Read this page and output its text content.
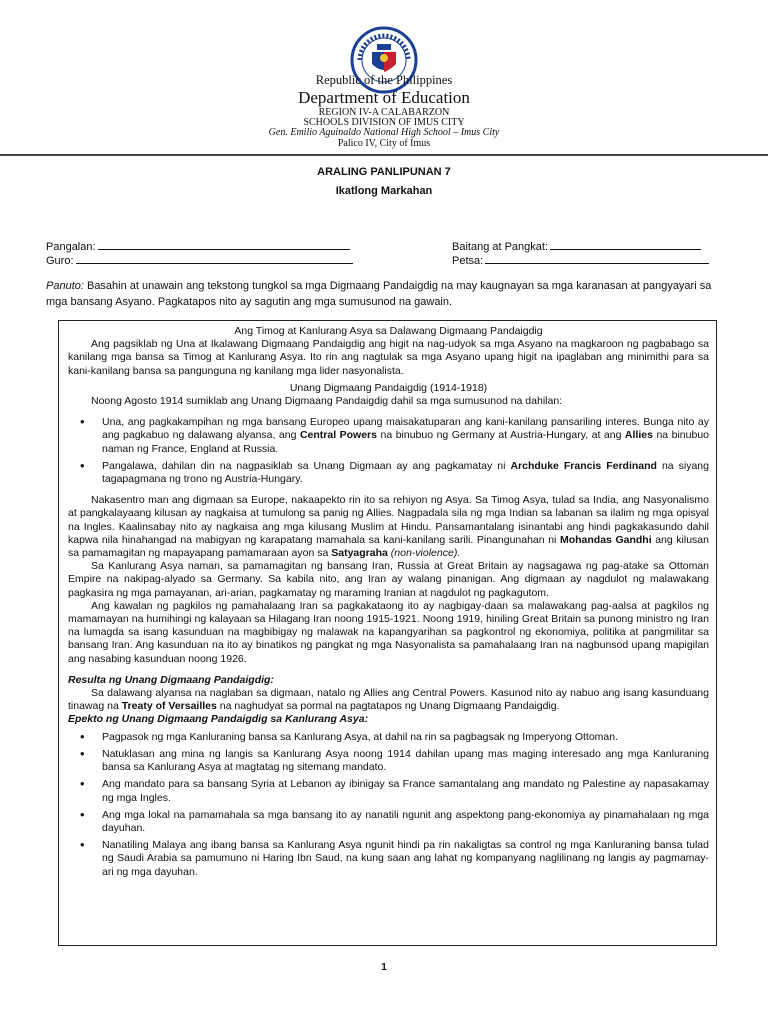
Republic of the Philippines
Department of Education
REGION IV-A CALABARZON
SCHOOLS DIVISION OF IMUS CITY
Gen. Emilio Aguinaldo National High School – Imus City
Palico IV, City of Imus
ARALING PANLIPUNAN 7
Ikatlong Markahan
Pangalan:
Guro:
Baitang at Pangkat:
Petsa:

Panuto: Basahin at unawain ang tekstong tungkol sa mga Digmaang Pandaigdig na may kaugnayan sa mga karanasan at pangyayari sa mga bansang Asyano. Pagkatapos nito ay sagutin ang mga sumusunod na gawain.

Ang Timog at Kanlurang Asya sa Dalawang Digmaang Pandaigdig

Ang pagsiklab ng Una at Ikalawang Digmaang Pandaigdig ang higit na nag-udyok sa mga Asyano na magkaroon ng pagbabago sa kanilang mga bansa sa Timog at Kanlurang Asya. Ito rin ang nagtulak sa mga Asyano upang higit na ipaglaban ang minimithi para sa kani-kanilang bansa sa pangunguna ng kanilang mga lider nasyonalista.

Unang Digmaang Pandaigdig (1914-1918)

Noong Agosto 1914 sumiklab ang Unang Digmaang Pandaigdig dahil sa mga sumusunod na dahilan:

• Una, ang pagkakampihan ng mga bansang Europeo upang maisakatuparan ang kani-kanilang pansariling interes. Bunga nito ay ang pagkabuo ng dalawang alyansa, ang Central Powers na binubuo ng Germany at Austria-Hungary, at ang Allies na binubuo naman ng France, England at Russia.
• Pangalawa, dahilan din na nagpasiklab sa Unang Digmaan ay ang pagkamatay ni Archduke Francis Ferdinand na siyang tagapagmana ng trono ng Austria-Hungary.

Nakasentro man ang digmaan sa Europe, nakaapekto rin ito sa rehiyon ng Asya. Sa Timog Asya, tulad sa India, ang Nasyonalismo at pangkalayaang kilusan ay nagkaisa at tumulong sa panig ng Allies. Nagpadala sila ng mga Indian sa labanan sa ilalim ng mga opisyal na Ingles. Kaalinsabay nito ay nagkaisa ang mga kilusang Muslim at Hindu. Pansamantalang isinantabi ang hindi pagkakasundo dahil kapwa nila hinahangad na mabigyan ng karapatang mamahala sa kani-kanilang sarili. Pinangunahan ni Mohandas Gandhi ang kilusan sa pamamagitan ng mapayapang pamamaraan ayon sa Satyagraha (non-violence).

Sa Kanlurang Asya naman, sa pamamagitan ng bansang Iran, Russia at Great Britain ay nagsagawa ng pag-atake sa Ottoman Empire na nakipag-alyado sa Germany. Sa kabila nito, ang Iran ay walang pinanigan. Ang digmaan ay nagdulot ng malawakang pagkasira ng mga pamayanan, ari-arian, pagkamatay ng maraming Iranian at nagdulot ng pagkagutom.

Ang kawalan ng pagkilos ng pamahalaang Iran sa pagkakataong ito ay nagbigay-daan sa malawakang pag-aalsa at pagkilos ng mamamayan na humihingi ng kalayaan sa Hilagang Iran noong 1915-1921. Noong 1919, hiniling Great Britain sa punong ministro ng Iran na lumagda sa isang kasunduan na magbibigay ng malawak na kapangyarihan sa pagkontrol ng ekonomiya, politika at pangmilitar sa bansang Iran. Ang kasunduan na ito ay binatikos ng pangkat ng mga Nasyonalista sa pamahalaang Iran na nagbunsod upang mapigilan ang nasabing kasunduan noong 1926.

Resulta ng Unang Digmaang Pandaigdig:

Sa dalawang alyansa na naglaban sa digmaan, natalo ng Allies ang Central Powers. Kasunod nito ay nabuo ang isang kasunduang tinawag na Treaty of Versailles na naghudyat sa pormal na pagtatapos ng Unang Digmaang Pandaigdig.

Epekto ng Unang Digmaang Pandaigdig sa Kanlurang Asya:

• Pagpasok ng mga Kanluraning bansa sa Kanlurang Asya, at dahil na rin sa pagbagsak ng Imperyong Ottoman.
• Natuklasan ang mina ng langis sa Kanlurang Asya noong 1914 dahilan upang mas maging interesado ang mga Kanluraning bansa sa Kanlurang Asya at magtatag ng sitemang mandato.
• Ang mandato para sa bansang Syria at Lebanon ay ibinigay sa France samantalang ang mandato ng Palestine ay napasakamay ng mga Ingles.
• Ang mga lokal na pamamahala sa mga bansang ito ay nanatili ngunit ang aspektong pang-ekonomiya ay pinamahalaan ng mga dayuhan.
• Nanatiling Malaya ang ibang bansa sa Kanlurang Asya ngunit hindi pa rin nakaligtas sa control ng mga Kanluraning bansa tulad ng Saudi Arabia sa pamumuno ni Haring Ibn Saud, na kung saan ang lahat ng kompanyang naglilinang ng langis ay pagmamay-ari ng mga dayuhan.
1
